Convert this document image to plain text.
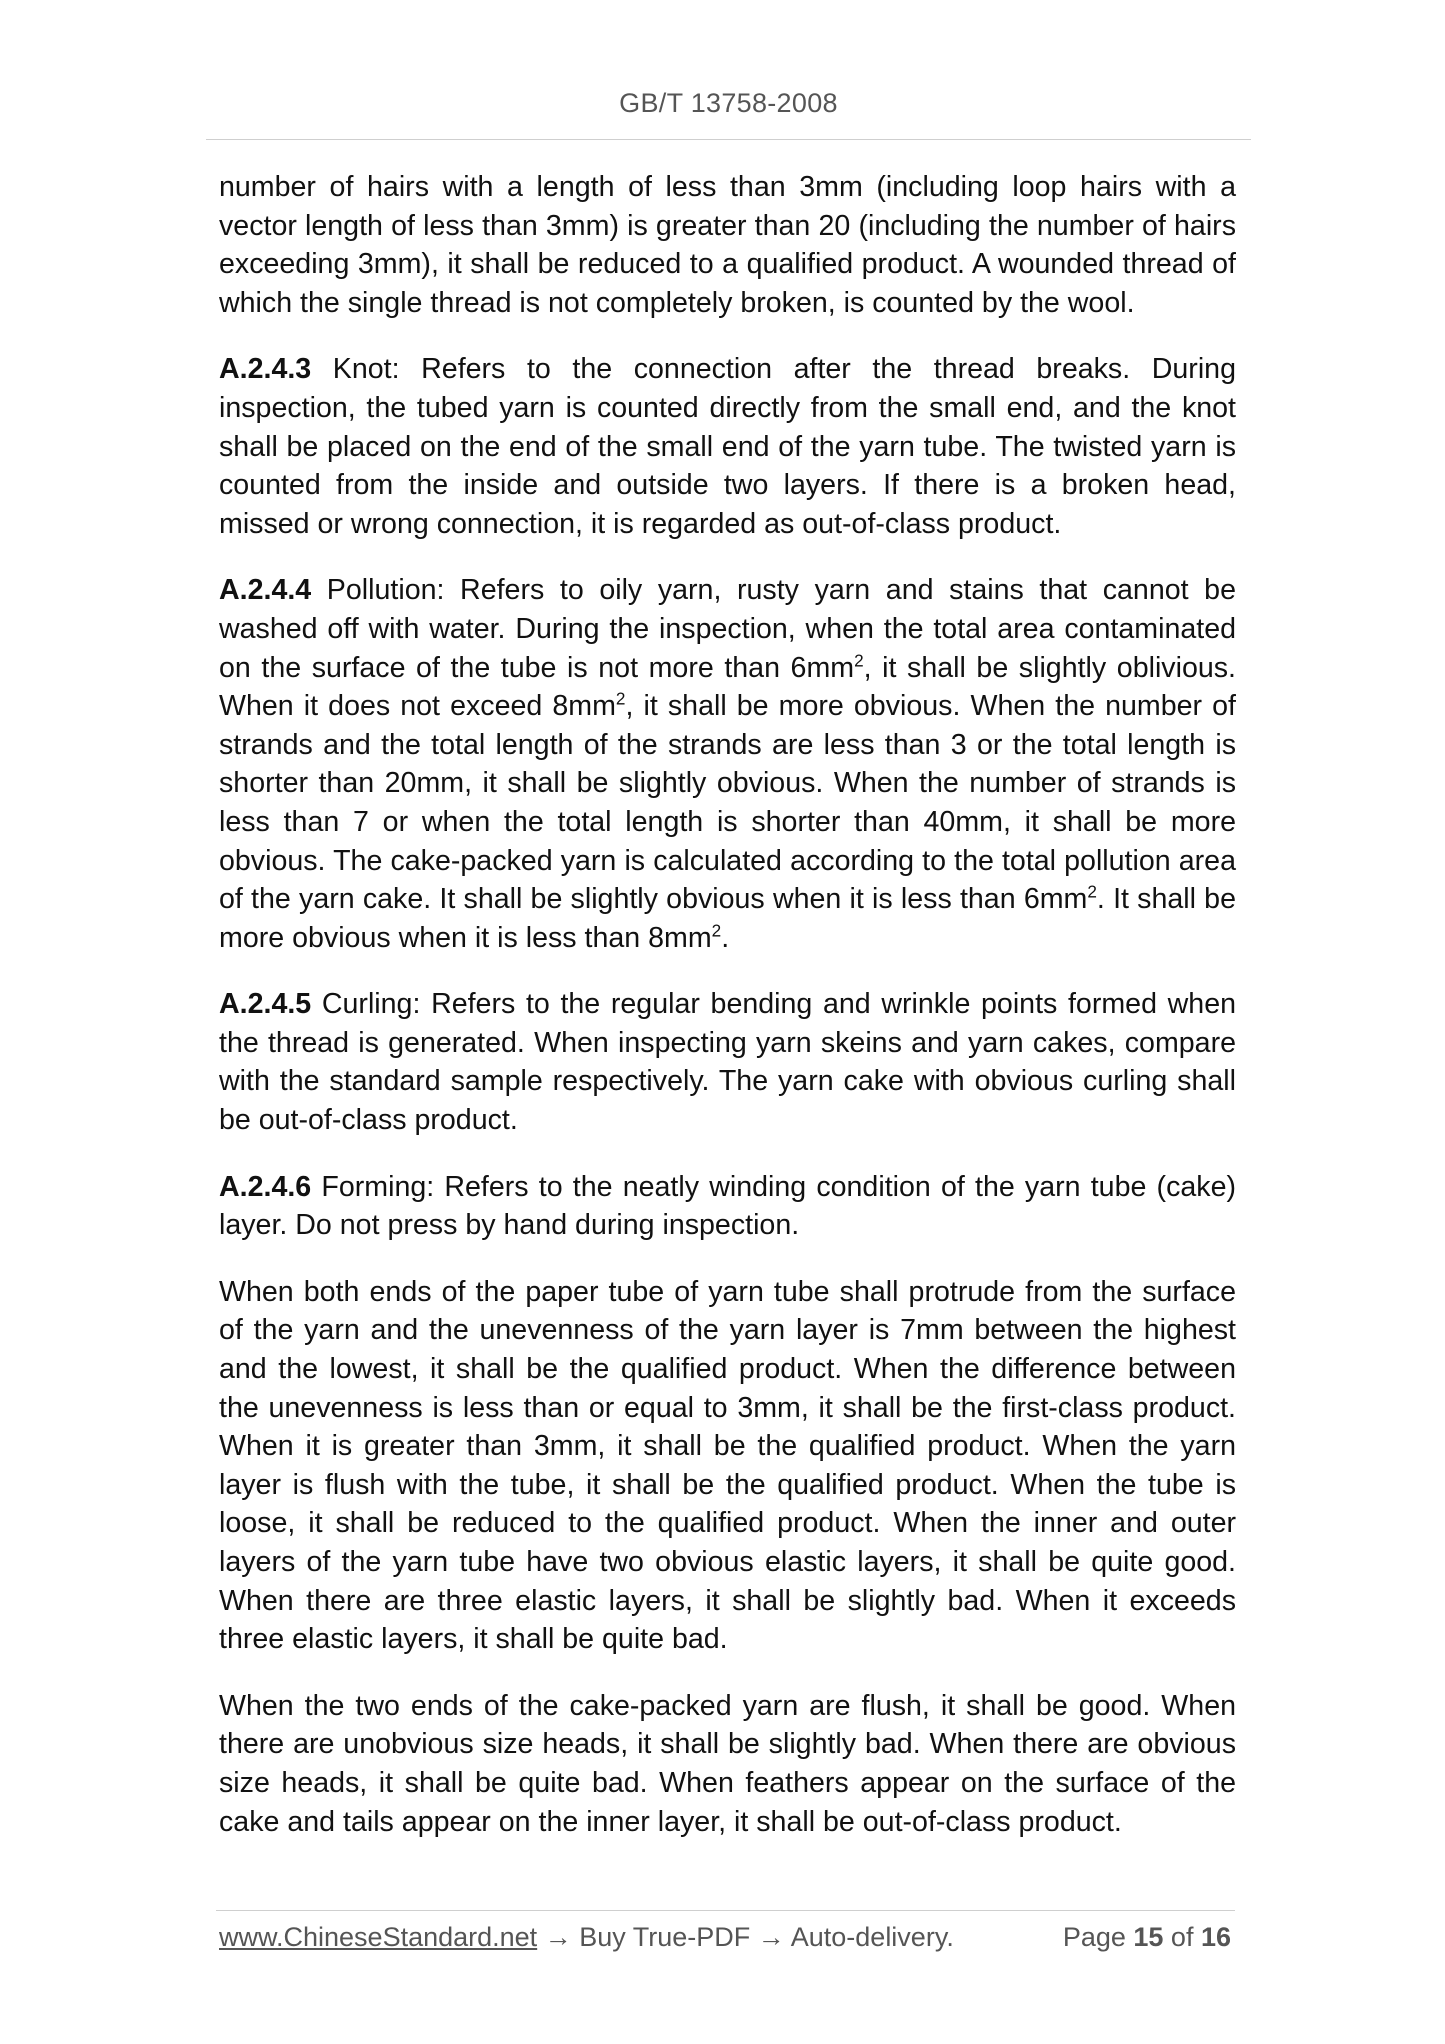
GB/T 13758-2008

number of hairs with a length of less than 3mm (including loop hairs with a vector length of less than 3mm) is greater than 20 (including the number of hairs exceeding 3mm), it shall be reduced to a qualified product. A wounded thread of which the single thread is not completely broken, is counted by the wool.

A.2.4.3 Knot: Refers to the connection after the thread breaks. During inspection, the tubed yarn is counted directly from the small end, and the knot shall be placed on the end of the small end of the yarn tube. The twisted yarn is counted from the inside and outside two layers. If there is a broken head, missed or wrong connection, it is regarded as out-of-class product.

A.2.4.4 Pollution: Refers to oily yarn, rusty yarn and stains that cannot be washed off with water. During the inspection, when the total area contaminated on the surface of the tube is not more than $6mm^2$, it shall be slightly oblivious. When it does not exceed $8mm^2$, it shall be more obvious. When the number of strands and the total length of the strands are less than 3 or the total length is shorter than 20mm, it shall be slightly obvious. When the number of strands is less than 7 or when the total length is shorter than 40mm, it shall be more obvious. The cake-packed yarn is calculated according to the total pollution area of the yarn cake. It shall be slightly obvious when it is less than $6mm^2$. It shall be more obvious when it is less than $8mm^2$.

A.2.4.5 Curling: Refers to the regular bending and wrinkle points formed when the thread is generated. When inspecting yarn skeins and yarn cakes, compare with the standard sample respectively. The yarn cake with obvious curling shall be out-of-class product.

A.2.4.6 Forming: Refers to the neatly winding condition of the yarn tube (cake) layer. Do not press by hand during inspection.

When both ends of the paper tube of yarn tube shall protrude from the surface of the yarn and the unevenness of the yarn layer is 7mm between the highest and the lowest, it shall be the qualified product. When the difference between the unevenness is less than or equal to 3mm, it shall be the first-class product. When it is greater than 3mm, it shall be the qualified product. When the yarn layer is flush with the tube, it shall be the qualified product. When the tube is loose, it shall be reduced to the qualified product. When the inner and outer layers of the yarn tube have two obvious elastic layers, it shall be quite good. When there are three elastic layers, it shall be slightly bad. When it exceeds three elastic layers, it shall be quite bad.

When the two ends of the cake-packed yarn are flush, it shall be good. When there are unobvious size heads, it shall be slightly bad. When there are obvious size heads, it shall be quite bad. When feathers appear on the surface of the cake and tails appear on the inner layer, it shall be out-of-class product.

www.ChineseStandard.net → Buy True-PDF → Auto-delivery.	Page 15 of 16
